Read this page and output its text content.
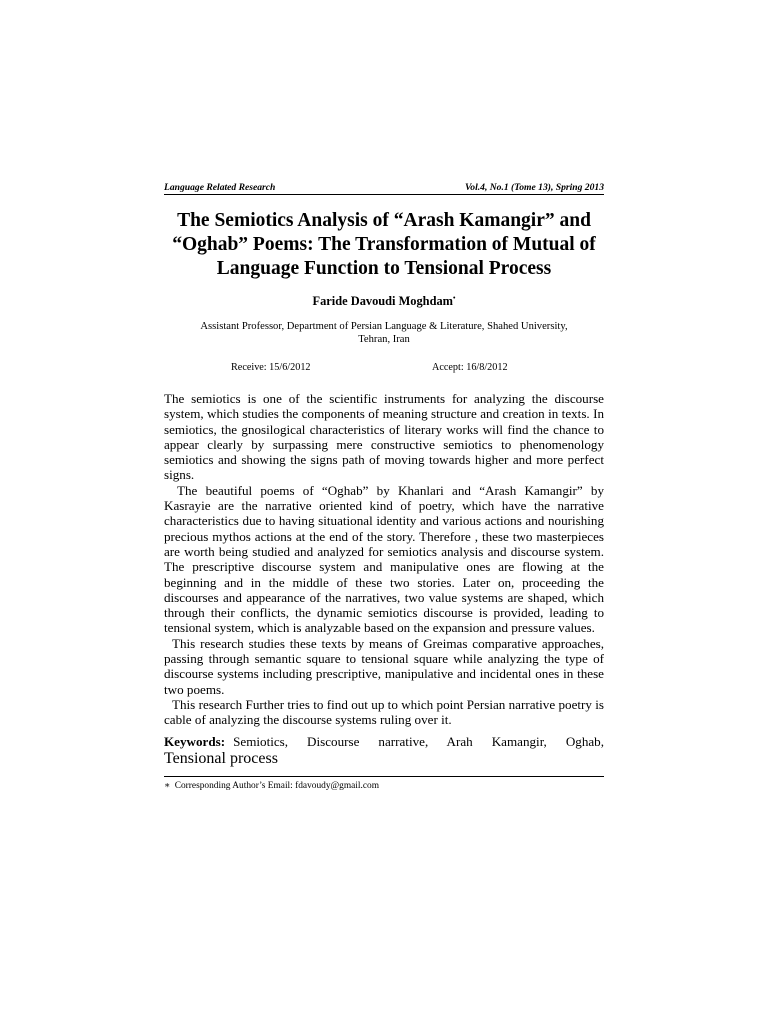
Language Related Research	Vol.4, No.1 (Tome 13), Spring 2013
The Semiotics Analysis of “Arash Kamangir” and
“Oghab” Poems: The Transformation of Mutual of
Language Function to Tensional Process
Faride Davoudi Moghdam•
Assistant Professor, Department of Persian Language & Literature, Shahed University,
Tehran, Iran
Receive: 15/6/2012	Accept: 16/8/2012

The semiotics is one of the scientific instruments for analyzing the discourse system, which studies the components of meaning structure and creation in texts. In semiotics, the gnosilogical characteristics of literary works will find the chance to appear clearly by surpassing mere constructive semiotics to phenomenology semiotics and showing the signs path of moving towards higher and more perfect signs.

The beautiful poems of “Oghab” by Khanlari and “Arash Kamangir” by Kasrayie are the narrative oriented kind of poetry, which have the narrative characteristics due to having situational identity and various actions and nourishing precious mythos actions at the end of the story. Therefore , these two masterpieces are worth being studied and analyzed for semiotics analysis and discourse system. The prescriptive discourse system and manipulative ones are flowing at the beginning and in the middle of these two stories. Later on, proceeding the discourses and appearance of the narratives, two value systems are shaped, which through their conflicts, the dynamic semiotics discourse is provided, leading to tensional system, which is analyzable based on the expansion and pressure values.

This research studies these texts by means of Greimas comparative approaches, passing through semantic square to tensional square while analyzing the type of discourse systems including prescriptive, manipulative and incidental ones in these two poems.

This research Further tries to find out up to which point Persian narrative poetry is cable of analyzing the discourse systems ruling over it.

Keywords: Semiotics, Discourse narrative, Arah Kamangir, Oghab,
Tensional process
∗ Corresponding Author’s Email: fdavoudy@gmail.com
